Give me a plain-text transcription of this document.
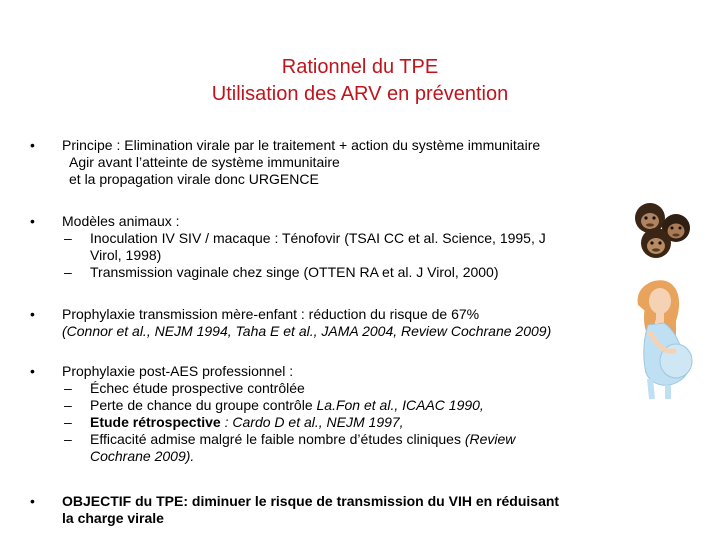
Rationnel du TPE
Utilisation des ARV en prévention
• Principe : Elimination virale par le traitement + action du système immunitaire
Agir avant l’atteinte de système immunitaire
et la propagation virale donc URGENCE
• Modèles animaux :
– Inoculation IV SIV / macaque : Ténofovir (TSAI CC et al. Science, 1995, J
Virol, 1998)
– Transmission vaginale chez singe (OTTEN RA et al. J Virol, 2000)
• Prophylaxie transmission mère-enfant : réduction du risque de 67%
(Connor et al., NEJM 1994, Taha E et al., JAMA 2004, Review Cochrane 2009)
• Prophylaxie post-AES professionnel :
– Échec étude prospective contrôlée
– Perte de chance du groupe contrôle La.Fon et al., ICAAC 1990,
– Etude rétrospective : Cardo D et al., NEJM 1997,
– Efficacité admise malgré le faible nombre d’études cliniques (Review
Cochrane 2009).
• OBJECTIF du TPE: diminuer le risque de transmission du VIH en réduisant
la charge virale
